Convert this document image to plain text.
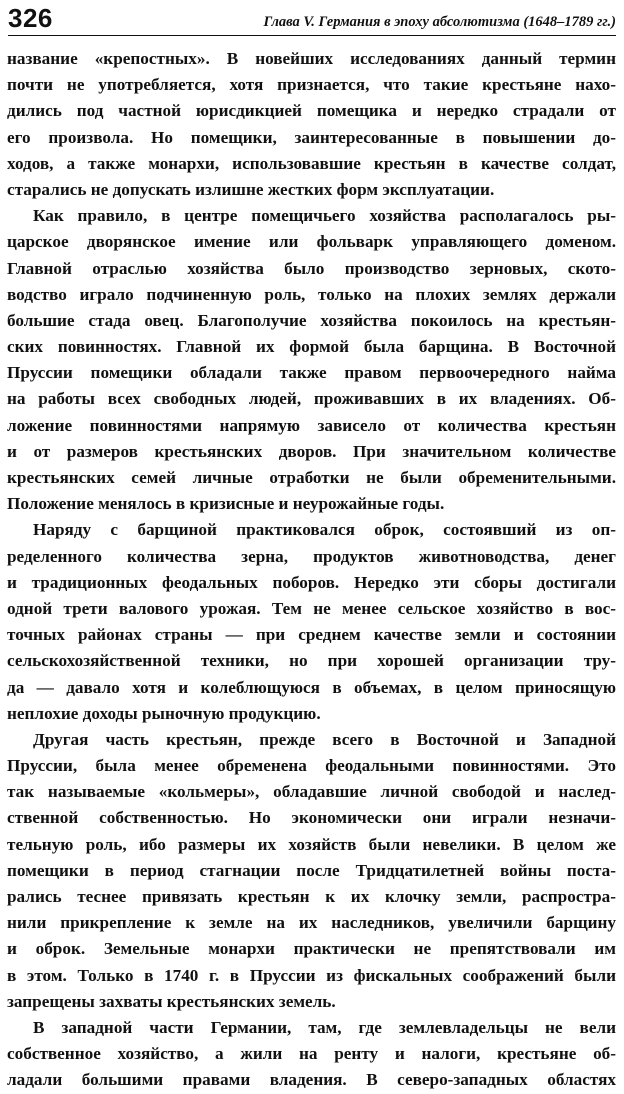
326	Глава V. Германия в эпоху абсолютизма (1648–1789 гг.)
название «крепостных». В новейших исследованиях данный термин
почти не употребляется, хотя признается, что такие крестьяне нахо-
дились под частной юрисдикцией помещика и нередко страдали от
его произвола. Но помещики, заинтересованные в повышении до-
ходов, а также монархи, использовавшие крестьян в качестве солдат,
старались не допускать излишне жестких форм эксплуатации.
Как правило, в центре помещичьего хозяйства располагалось ры-
царское дворянское имение или фольварк управляющего доменом.
Главной отраслью хозяйства было производство зерновых, ското-
водство играло подчиненную роль, только на плохих землях держали
большие стада овец. Благополучие хозяйства покоилось на крестьян-
ских повинностях. Главной их формой была барщина. В Восточной
Пруссии помещики обладали также правом первоочередного найма
на работы всех свободных людей, проживавших в их владениях. Об-
ложение повинностями напрямую зависело от количества крестьян
и от размеров крестьянских дворов. При значительном количестве
крестьянских семей личные отработки не были обременительными.
Положение менялось в кризисные и неурожайные годы.
Наряду с барщиной практиковался оброк, состоявший из оп-
ределенного количества зерна, продуктов животноводства, денег
и традиционных феодальных поборов. Нередко эти сборы достигали
одной трети валового урожая. Тем не менее сельское хозяйство в вос-
точных районах страны — при среднем качестве земли и состоянии
сельскохозяйственной техники, но при хорошей организации тру-
да — давало хотя и колеблющуюся в объемах, в целом приносящую
неплохие доходы рыночную продукцию.
Другая часть крестьян, прежде всего в Восточной и Западной
Пруссии, была менее обременена феодальными повинностями. Это
так называемые «кольмеры», обладавшие личной свободой и наслед-
ственной собственностью. Но экономически они играли незначи-
тельную роль, ибо размеры их хозяйств были невелики. В целом же
помещики в период стагнации после Тридцатилетней войны поста-
рались теснее привязать крестьян к их клочку земли, распростра-
нили прикрепление к земле на их наследников, увеличили барщину
и оброк. Земельные монархи практически не препятствовали им
в этом. Только в 1740 г. в Пруссии из фискальных соображений были
запрещены захваты крестьянских земель.
В западной части Германии, там, где землевладельцы не вели
собственное хозяйство, а жили на ренту и налоги, крестьяне об-
ладали большими правами владения. В северо-западных областях
